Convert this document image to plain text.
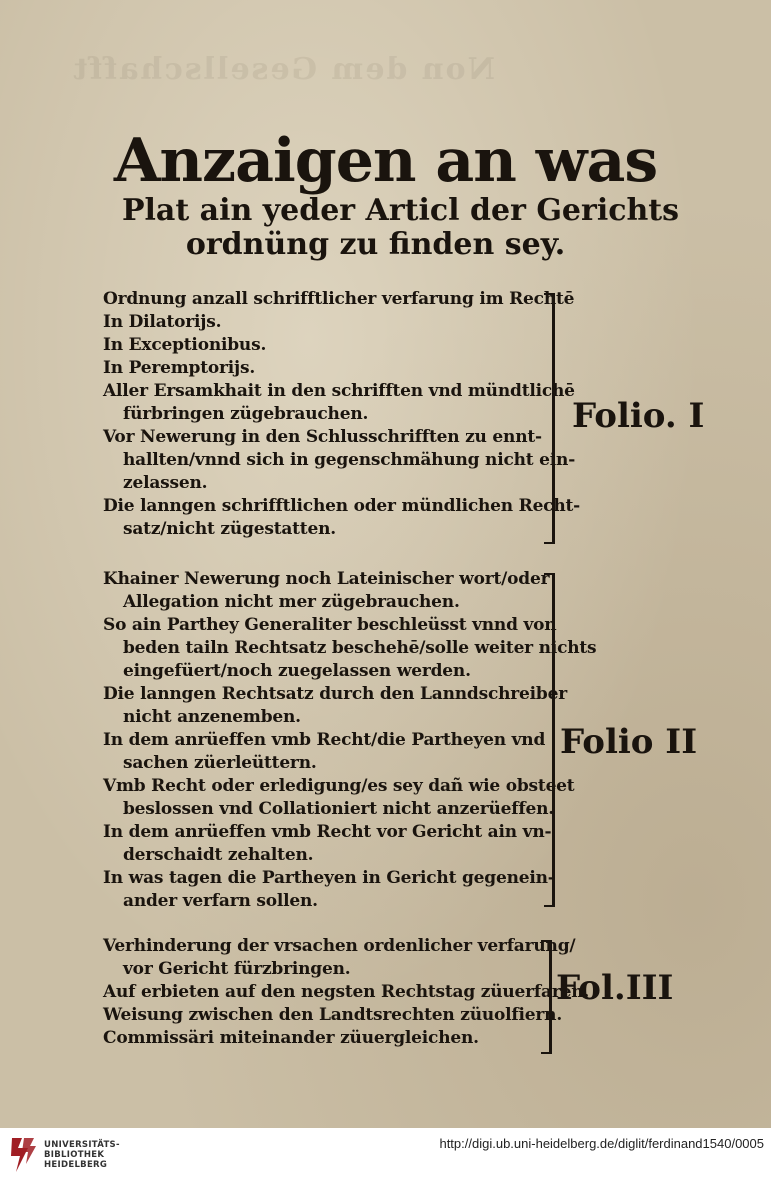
Non dem Gesellschafft
Anzaigen an was
Plat ain yeder Articl der Gerichts
ordnüng zu finden sey.
Ordnung anzall schrifftlicher verfarung im Rechtē
In Dilatorijs.
In Exceptionibus.
In Peremptorijs.
Aller Ersamkhait in den schrifften vnd mündtlichē
fürbringen zügebrauchen.
Vor Newerung in den Schlusschrifften zu ennt-
hallten/vnnd sich in gegenschmähung nicht ein-
zelassen.
Die lanngen schrifftlichen oder mündlichen Recht-
satz/nicht zügestatten.
Folio. I
Khainer Newerung noch Lateinischer wort/oder
Allegation nicht mer zügebrauchen.
So ain Parthey Generaliter beschleüsst vnnd von
beden tailn Rechtsatz beschehē/solle weiter nichts
eingefüert/noch zuegelassen werden.
Die lanngen Rechtsatz durch den Lanndschreiber
nicht anzenemben.
In dem anrüeffen vmb Recht/die Partheyen vnd
sachen züerleüttern.
Vmb Recht oder erledigung/es sey dañ wie obsteet
beslossen vnd Collationiert nicht anzerüeffen.
In dem anrüeffen vmb Recht vor Gericht ain vn-
derschaidt zehalten.
In was tagen die Partheyen in Gericht gegenein-
ander verfarn sollen.
Folio II
Verhinderung der vrsachen ordenlicher verfarung/
vor Gericht fürzbringen.
Auf erbieten auf den negsten Rechtstag züuerfaren.
Weisung zwischen den Landtsrechten züuolfiern.
Commissäri miteinander züuergleichen.
Fol.III
UNIVERSITÄTS-
BIBLIOTHEK
HEIDELBERG
http://digi.ub.uni-heidelberg.de/diglit/ferdinand1540/0005
